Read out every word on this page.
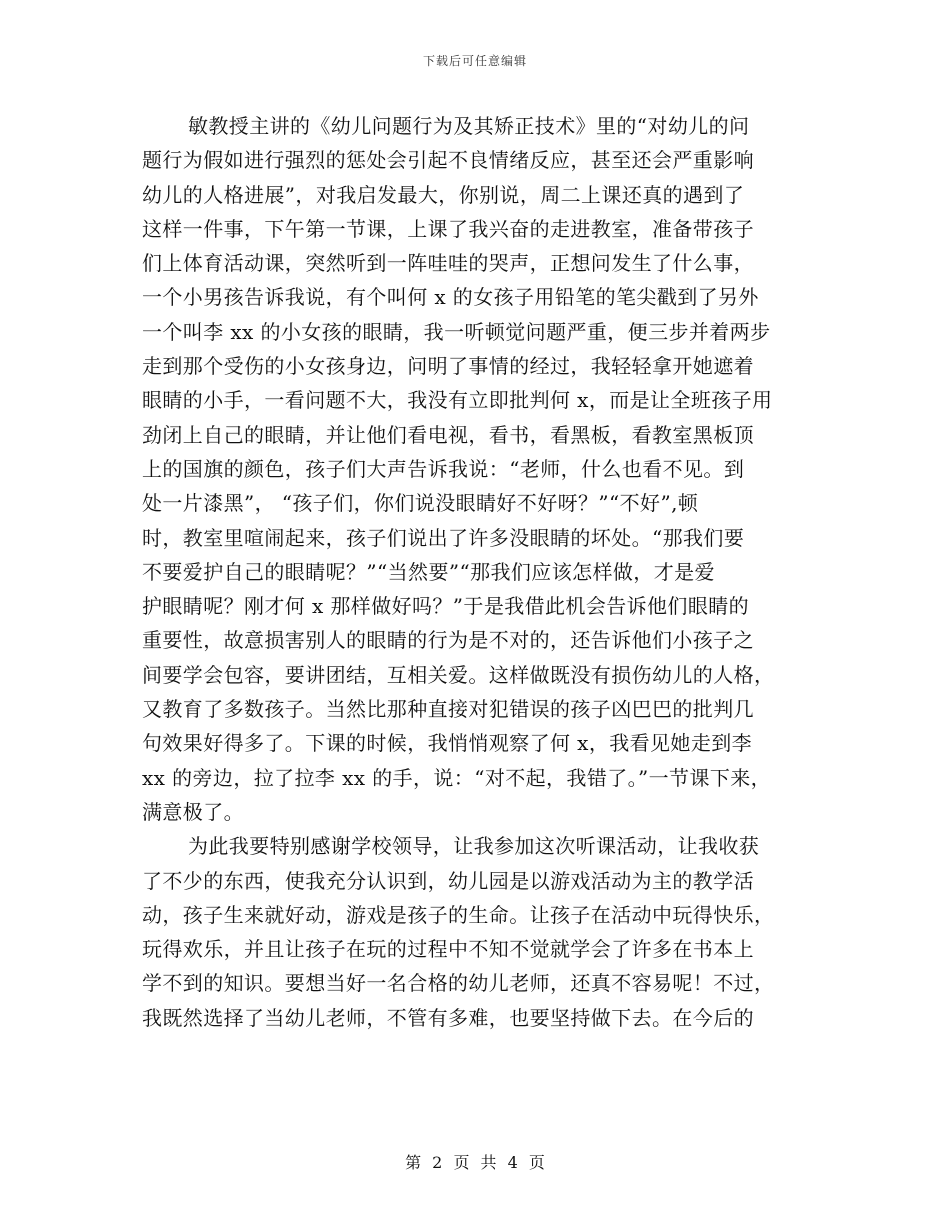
下载后可任意编辑
敏教授主讲的《幼儿问题行为及其矫正技术》里的“对幼儿的问
题行为假如进行强烈的惩处会引起不良情绪反应，甚至还会严重影响
幼儿的人格进展”，对我启发最大，你别说，周二上课还真的遇到了
这样一件事，下午第一节课，上课了我兴奋的走进教室，准备带孩子
们上体育活动课，突然听到一阵哇哇的哭声，正想问发生了什么事，
一个小男孩告诉我说，有个叫何 x 的女孩子用铅笔的笔尖戳到了另外
一个叫李 xx 的小女孩的眼睛，我一听顿觉问题严重，便三步并着两步
走到那个受伤的小女孩身边，问明了事情的经过，我轻轻拿开她遮着
眼睛的小手，一看问题不大，我没有立即批判何 x，而是让全班孩子用
劲闭上自己的眼睛，并让他们看电视，看书，看黑板，看教室黑板顶
上的国旗的颜色，孩子们大声告诉我说：“老师，什么也看不见。到
处一片漆黑”， “孩子们，你们说没眼睛好不好呀？”“不好”,顿
时，教室里喧闹起来，孩子们说出了许多没眼睛的坏处。“那我们要
不要爱护自己的眼睛呢？”“当然要”“那我们应该怎样做，才是爱
护眼睛呢？刚才何 x 那样做好吗？”于是我借此机会告诉他们眼睛的
重要性，故意损害别人的眼睛的行为是不对的，还告诉他们小孩子之
间要学会包容，要讲团结，互相关爱。这样做既没有损伤幼儿的人格，
又教育了多数孩子。当然比那种直接对犯错误的孩子凶巴巴的批判几
句效果好得多了。下课的时候，我悄悄观察了何 x，我看见她走到李
xx 的旁边，拉了拉李 xx 的手，说：“对不起，我错了。”一节课下来，
满意极了。
为此我要特别感谢学校领导，让我参加这次听课活动，让我收获
了不少的东西，使我充分认识到，幼儿园是以游戏活动为主的教学活
动，孩子生来就好动，游戏是孩子的生命。让孩子在活动中玩得快乐，
玩得欢乐，并且让孩子在玩的过程中不知不觉就学会了许多在书本上
学不到的知识。要想当好一名合格的幼儿老师，还真不容易呢！不过，
我既然选择了当幼儿老师，不管有多难，也要坚持做下去。在今后的
第 2 页 共 4 页
